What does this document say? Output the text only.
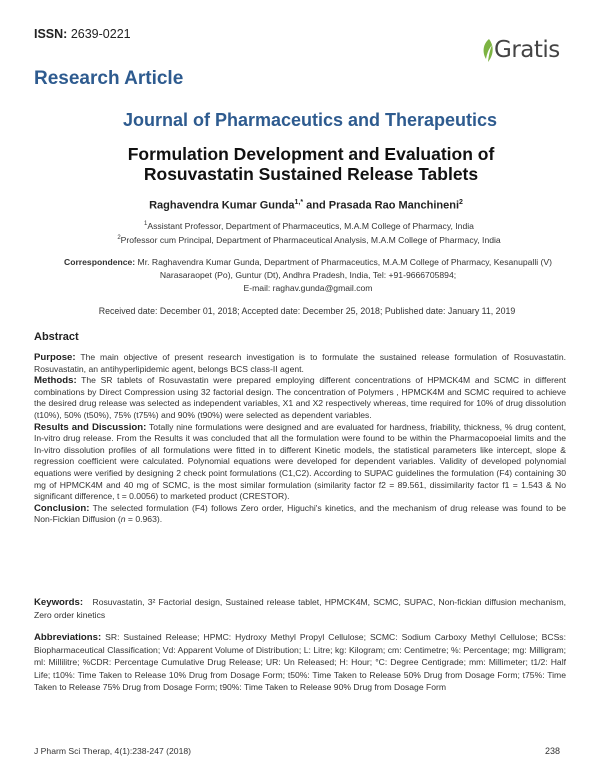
ISSN: 2639-0221
Gratis
Research Article
Journal of Pharmaceutics and Therapeutics
Formulation Development and Evaluation of
Rosuvastatin Sustained Release Tablets
Raghavendra Kumar Gunda$^{1,*}$ and Prasada Rao Manchineni$^2$
$^1$Assistant Professor, Department of Pharmaceutics, M.A.M College of Pharmacy, India
$^2$Professor cum Principal, Department of Pharmaceutical Analysis, M.A.M College of Pharmacy, India
Correspondence: Mr. Raghavendra Kumar Gunda, Department of Pharmaceutics, M.A.M College of Pharmacy, Kesanupalli (V) Narasaraopet (Po), Guntur (Dt), Andhra Pradesh, India, Tel: +91-9666705894;
E-mail: raghav.gunda@gmail.com
Received date: December 01, 2018; Accepted date: December 25, 2018; Published date: January 11, 2019
Abstract

Purpose: The main objective of present research investigation is to formulate the sustained release formulation of Rosuvastatin. Rosuvastatin, an antihyperlipidemic agent, belongs BCS class-II agent.

Methods: The SR tablets of Rosuvastatin were prepared employing different concentrations of HPMCK4M and SCMC in different combinations by Direct Compression using 32 factorial design. The concentration of Polymers , HPMCK4M and SCMC required to achieve the desired drug release was selected as independent variables, X1 and X2 respectively whereas, time required for 10% of drug dissolution (t10%), 50% (t50%), 75% (t75%) and 90% (t90%) were selected as dependent variables.

Results and Discussion: Totally nine formulations were designed and are evaluated for hardness, friability, thickness, % drug content, In-vitro drug release. From the Results it was concluded that all the formulation were found to be within the Pharmacopoeial limits and the In-vitro dissolution profiles of all formulations were fitted in to different Kinetic models, the statistical parameters like intercept, slope & regression coefficient were calculated. Polynomial equations were developed for dependent variables. Validity of developed polynomial equations were verified by designing 2 check point formulations (C1,C2). According to SUPAC guidelines the formulation (F4) containing 30 mg of HPMCK4M and 40 mg of SCMC, is the most similar formulation (similarity factor f2 = 89.561, dissimilarity factor f1 = 1.543 & No significant difference, t = 0.0056) to marketed product (CRESTOR).

Conclusion: The selected formulation (F4) follows Zero order, Higuchi's kinetics, and the mechanism of drug release was found to be Non-Fickian Diffusion (n = 0.963).

Keywords: Rosuvastatin, 3² Factorial design, Sustained release tablet, HPMCK4M, SCMC, SUPAC, Non-fickian diffusion mechanism, Zero order kinetics
Abbreviations: SR: Sustained Release; HPMC: Hydroxy Methyl Propyl Cellulose; SCMC: Sodium Carboxy Methyl Cellulose; BCSs: Biopharmaceutical Classification; Vd: Apparent Volume of Distribution; L: Litre; kg: Kilogram; cm: Centimetre; %: Percentage; mg: Milligram; ml: Millilitre; %CDR: Percentage Cumulative Drug Release; UR: Un Released; H: Hour; °C: Degree Centigrade; mm: Millimeter; t1/2: Half Life; t10%: Time Taken to Release 10% Drug from Dosage Form; t50%: Time Taken to Release 50% Drug from Dosage Form; t75%: Time Taken to Release 75% Drug from Dosage Form; t90%: Time Taken to Release 90% Drug from Dosage Form
J Pharm Sci Therap, 4(1):238-247 (2018)	238
